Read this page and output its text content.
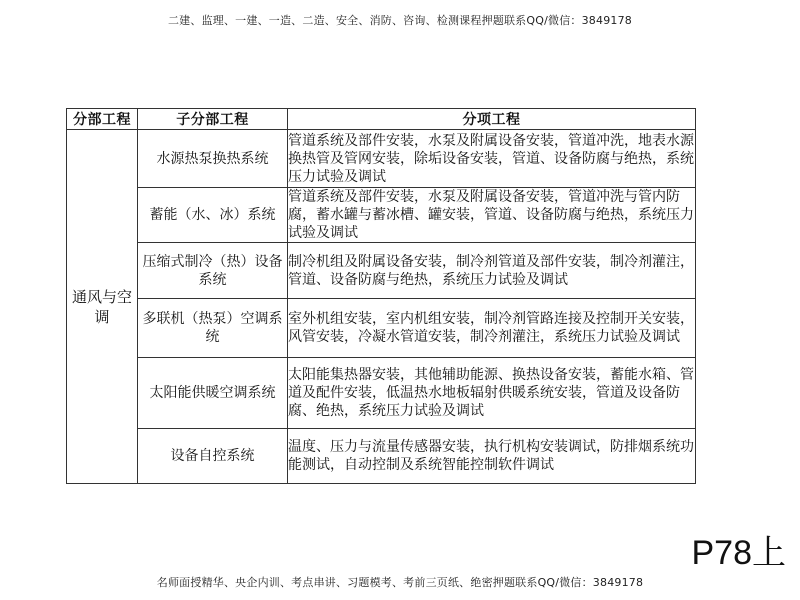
二建、监理、一建、一造、二造、安全、消防、咨询、检测课程押题联系QQ/微信：3849178
分部工程	子分部工程	分项工程
通风与空调	水源热泵换热系统	管道系统及部件安装，水泵及附属设备安装，管道冲洗，地表水源换热管及管网安装，除垢设备安装，管道、设备防腐与绝热，系统压力试验及调试
	蓄能（水、冰）系统	管道系统及部件安装，水泵及附属设备安装，管道冲洗与管内防腐，蓄水罐与蓄冰槽、罐安装，管道、设备防腐与绝热，系统压力试验及调试
	压缩式制冷（热）设备系统	制冷机组及附属设备安装，制冷剂管道及部件安装，制冷剂灌注，管道、设备防腐与绝热，系统压力试验及调试
	多联机（热泵）空调系统	室外机组安装，室内机组安装，制冷剂管路连接及控制开关安装，风管安装，冷凝水管道安装，制冷剂灌注，系统压力试验及调试
	太阳能供暖空调系统	太阳能集热器安装，其他辅助能源、换热设备安装，蓄能水箱、管道及配件安装，低温热水地板辐射供暖系统安装，管道及设备防腐、绝热，系统压力试验及调试
	设备自控系统	温度、压力与流量传感器安装，执行机构安装调试，防排烟系统功能测试，自动控制及系统智能控制软件调试
P78上
名师面授精华、央企内训、考点串讲、习题模考、考前三页纸、绝密押题联系QQ/微信：3849178
